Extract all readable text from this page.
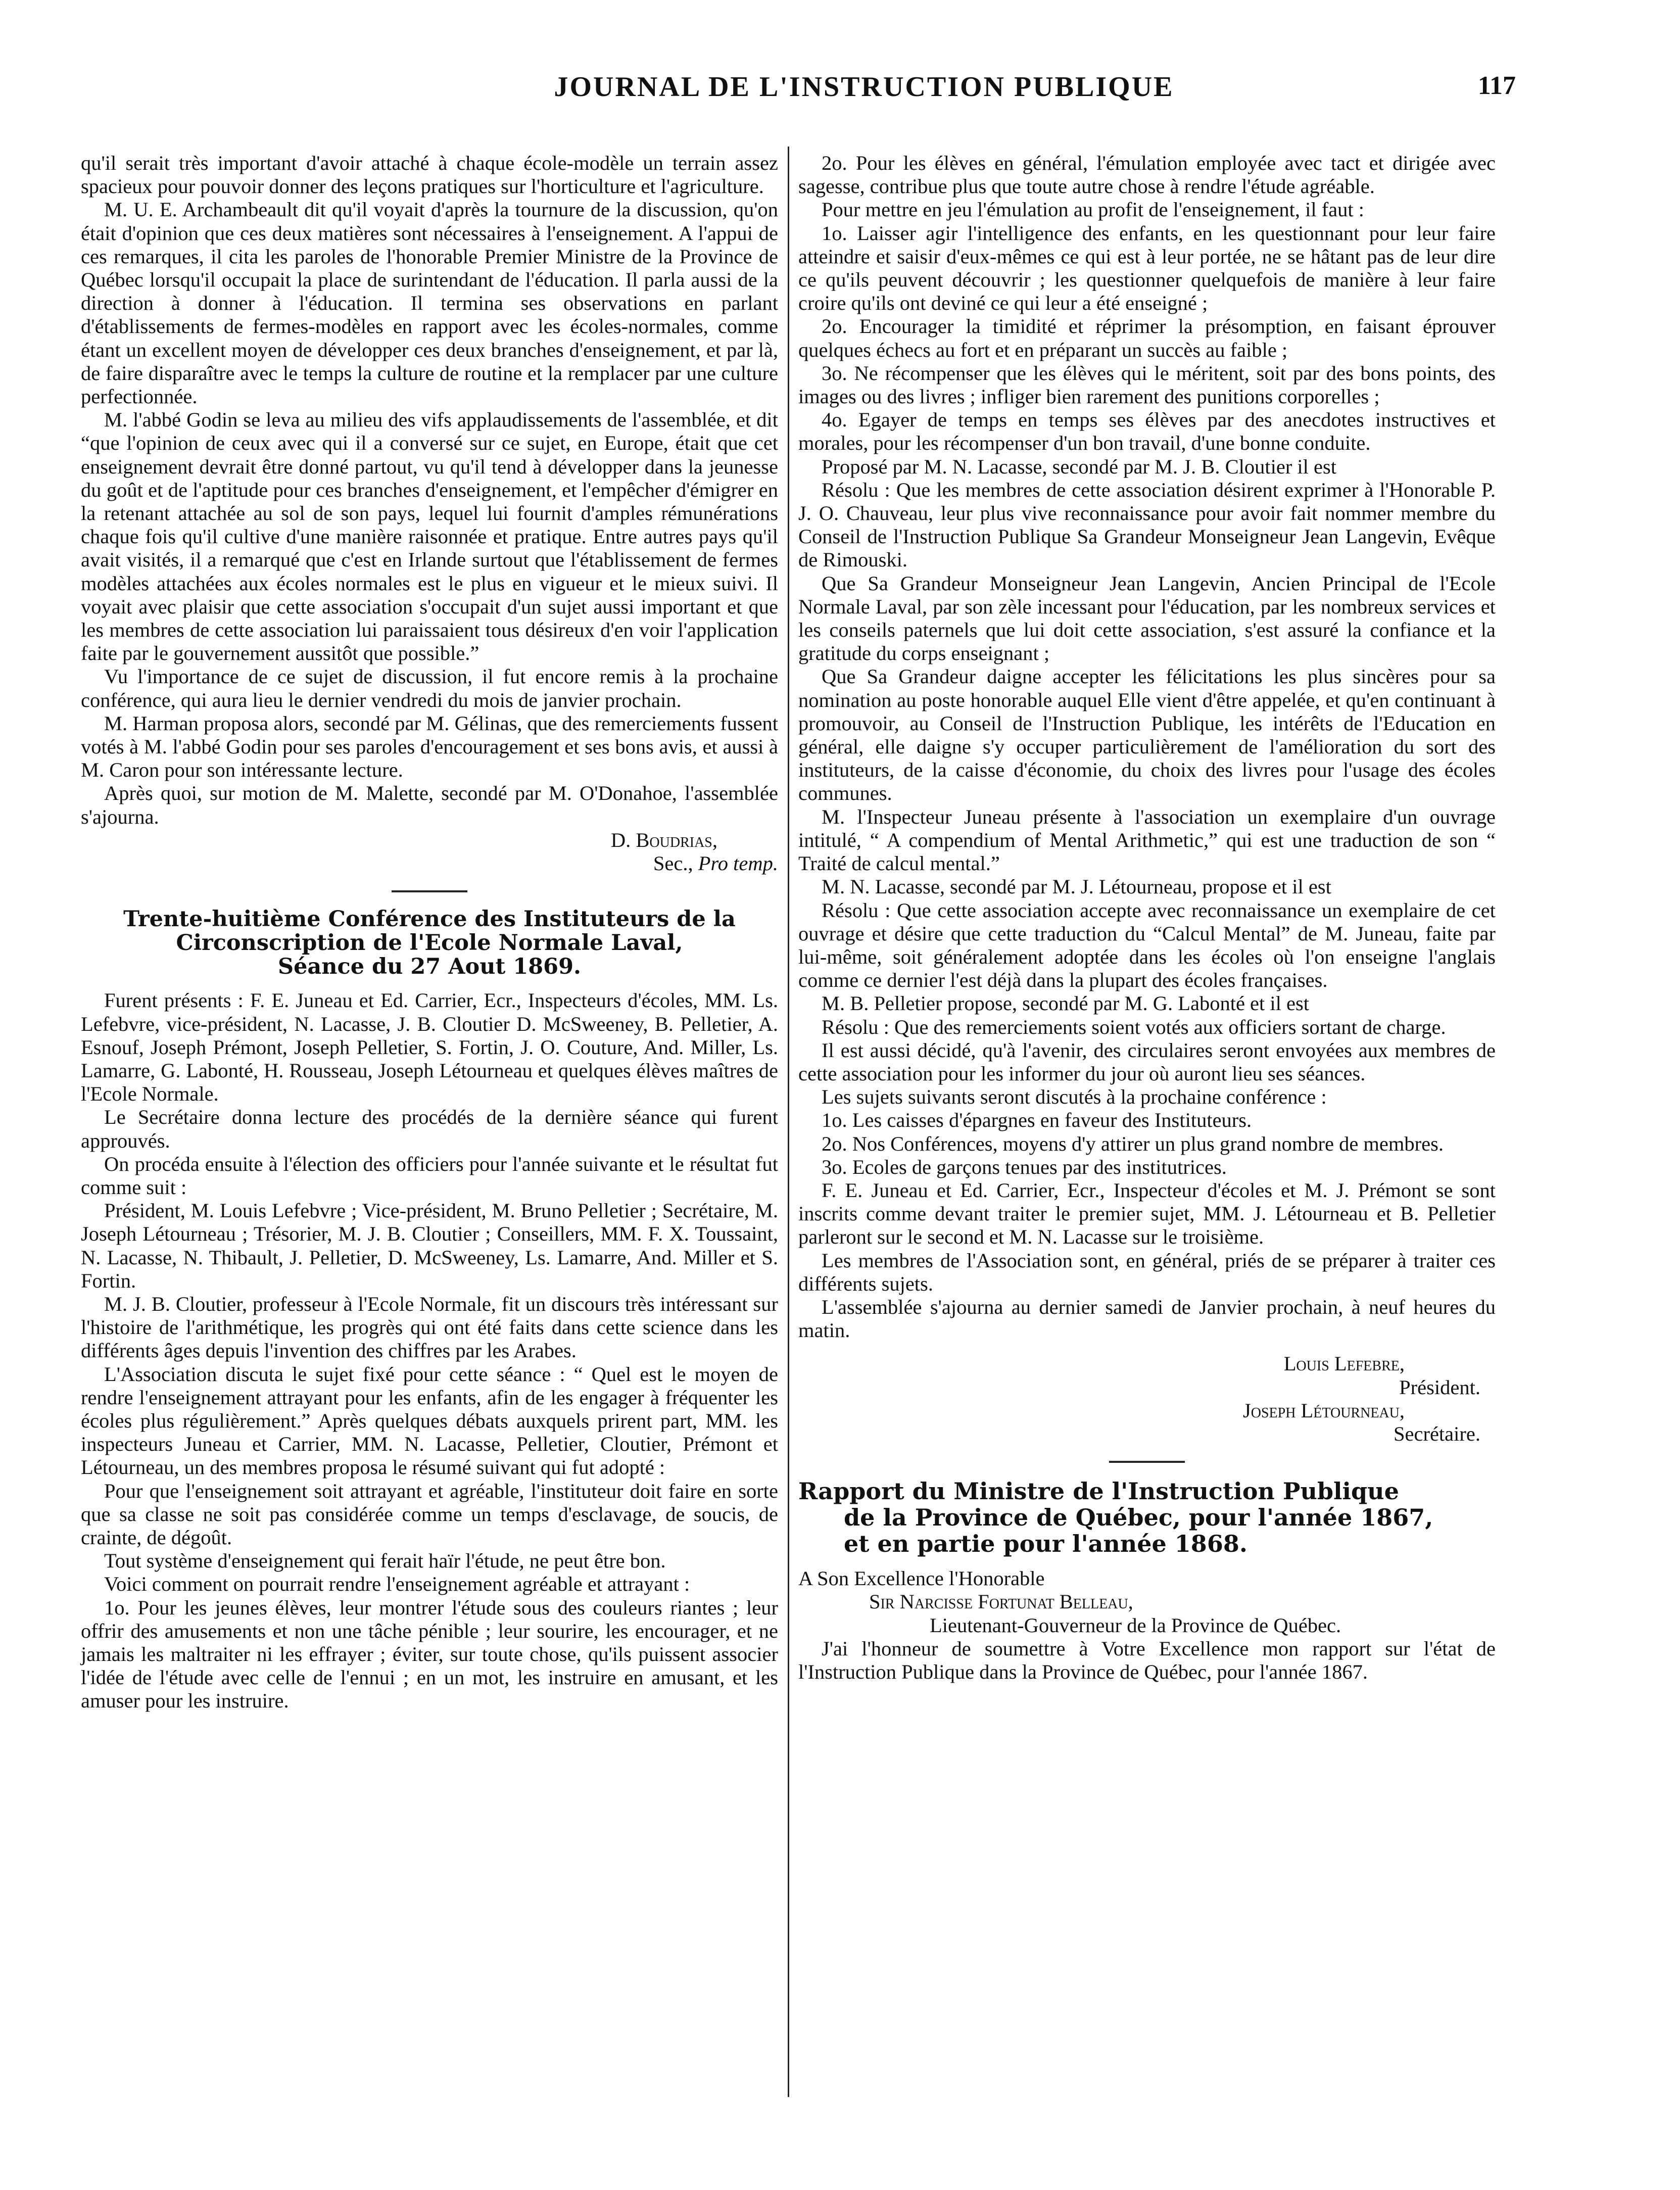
JOURNAL DE L'INSTRUCTION PUBLIQUE	117

qu'il serait très important d'avoir attaché à chaque école-modèle un terrain assez spacieux pour pouvoir donner des leçons pratiques sur l'horticulture et l'agriculture.

M. U. E. Archambeault dit qu'il voyait d'après la tournure de la discussion, qu'on était d'opinion que ces deux matières sont nécessaires à l'enseignement. A l'appui de ces remarques, il cita les paroles de l'honorable Premier Ministre de la Province de Québec lorsqu'il occupait la place de surintendant de l'éducation. Il parla aussi de la direction à donner à l'éducation. Il termina ses observations en parlant d'établissements de fermes-modèles en rapport avec les écoles-normales, comme étant un excellent moyen de développer ces deux branches d'enseignement, et par là, de faire disparaître avec le temps la culture de routine et la remplacer par une culture perfectionnée.

M. l'abbé Godin se leva au milieu des vifs applaudissements de l'assemblée, et dit “que l'opinion de ceux avec qui il a conversé sur ce sujet, en Europe, était que cet enseignement devrait être donné partout, vu qu'il tend à développer dans la jeunesse du goût et de l'aptitude pour ces branches d'enseignement, et l'empêcher d'émigrer en la retenant attachée au sol de son pays, lequel lui fournit d'amples rémunérations chaque fois qu'il cultive d'une manière raisonnée et pratique. Entre autres pays qu'il avait visités, il a remarqué que c'est en Irlande surtout que l'établissement de fermes modèles attachées aux écoles normales est le plus en vigueur et le mieux suivi. Il voyait avec plaisir que cette association s'occupait d'un sujet aussi important et que les membres de cette association lui paraissaient tous désireux d'en voir l'application faite par le gouvernement aussitôt que possible.”

Vu l'importance de ce sujet de discussion, il fut encore remis à la prochaine conférence, qui aura lieu le dernier vendredi du mois de janvier prochain.

M. Harman proposa alors, secondé par M. Gélinas, que des remerciements fussent votés à M. l'abbé Godin pour ses paroles d'encouragement et ses bons avis, et aussi à M. Caron pour son intéressante lecture.

Après quoi, sur motion de M. Malette, secondé par M. O'Donahoe, l'assemblée s'ajourna.

D. Boudrias,

Sec., Pro temp.

Trente-huitième Conférence des Instituteurs de la Circonscription de l'Ecole Normale Laval,
Séance du 27 Aout 1869.

Furent présents : F. E. Juneau et Ed. Carrier, Ecr., Inspecteurs d'écoles, MM. Ls. Lefebvre, vice-président, N. Lacasse, J. B. Cloutier D. McSweeney, B. Pelletier, A. Esnouf, Joseph Prémont, Joseph Pelletier, S. Fortin, J. O. Couture, And. Miller, Ls. Lamarre, G. Labonté, H. Rousseau, Joseph Létourneau et quelques élèves maîtres de l'Ecole Normale.

Le Secrétaire donna lecture des procédés de la dernière séance qui furent approuvés.

On procéda ensuite à l'élection des officiers pour l'année suivante et le résultat fut comme suit :

Président, M. Louis Lefebvre ; Vice-président, M. Bruno Pelletier ; Secrétaire, M. Joseph Létourneau ; Trésorier, M. J. B. Cloutier ; Conseillers, MM. F. X. Toussaint, N. Lacasse, N. Thibault, J. Pelletier, D. McSweeney, Ls. Lamarre, And. Miller et S. Fortin.

M. J. B. Cloutier, professeur à l'Ecole Normale, fit un discours très intéressant sur l'histoire de l'arithmétique, les progrès qui ont été faits dans cette science dans les différents âges depuis l'invention des chiffres par les Arabes.

L'Association discuta le sujet fixé pour cette séance : “ Quel est le moyen de rendre l'enseignement attrayant pour les enfants, afin de les engager à fréquenter les écoles plus régulièrement.” Après quelques débats auxquels prirent part, MM. les inspecteurs Juneau et Carrier, MM. N. Lacasse, Pelletier, Cloutier, Prémont et Létourneau, un des membres proposa le résumé suivant qui fut adopté :

Pour que l'enseignement soit attrayant et agréable, l'instituteur doit faire en sorte que sa classe ne soit pas considérée comme un temps d'esclavage, de soucis, de crainte, de dégoût.

Tout système d'enseignement qui ferait haïr l'étude, ne peut être bon.

Voici comment on pourrait rendre l'enseignement agréable et attrayant :

1o. Pour les jeunes élèves, leur montrer l'étude sous des couleurs riantes ; leur offrir des amusements et non une tâche pénible ; leur sourire, les encourager, et ne jamais les maltraiter ni les effrayer ; éviter, sur toute chose, qu'ils puissent associer l'idée de l'étude avec celle de l'ennui ; en un mot, les instruire en amusant, et les amuser pour les instruire.

2o. Pour les élèves en général, l'émulation employée avec tact et dirigée avec sagesse, contribue plus que toute autre chose à rendre l'étude agréable.

Pour mettre en jeu l'émulation au profit de l'enseignement, il faut :

1o. Laisser agir l'intelligence des enfants, en les questionnant pour leur faire atteindre et saisir d'eux-mêmes ce qui est à leur portée, ne se hâtant pas de leur dire ce qu'ils peuvent découvrir ; les questionner quelquefois de manière à leur faire croire qu'ils ont deviné ce qui leur a été enseigné ;

2o. Encourager la timidité et réprimer la présomption, en faisant éprouver quelques échecs au fort et en préparant un succès au faible ;

3o. Ne récompenser que les élèves qui le méritent, soit par des bons points, des images ou des livres ; infliger bien rarement des punitions corporelles ;

4o. Egayer de temps en temps ses élèves par des anecdotes instructives et morales, pour les récompenser d'un bon travail, d'une bonne conduite.

Proposé par M. N. Lacasse, secondé par M. J. B. Cloutier il est

Résolu : Que les membres de cette association désirent exprimer à l'Honorable P. J. O. Chauveau, leur plus vive reconnaissance pour avoir fait nommer membre du Conseil de l'Instruction Publique Sa Grandeur Monseigneur Jean Langevin, Evêque de Rimouski.

Que Sa Grandeur Monseigneur Jean Langevin, Ancien Principal de l'Ecole Normale Laval, par son zèle incessant pour l'éducation, par les nombreux services et les conseils paternels que lui doit cette association, s'est assuré la confiance et la gratitude du corps enseignant ;

Que Sa Grandeur daigne accepter les félicitations les plus sincères pour sa nomination au poste honorable auquel Elle vient d'être appelée, et qu'en continuant à promouvoir, au Conseil de l'Instruction Publique, les intérêts de l'Education en général, elle daigne s'y occuper particulièrement de l'amélioration du sort des instituteurs, de la caisse d'économie, du choix des livres pour l'usage des écoles communes.

M. l'Inspecteur Juneau présente à l'association un exemplaire d'un ouvrage intitulé, “ A compendium of Mental Arithmetic,” qui est une traduction de son “ Traité de calcul mental.”

M. N. Lacasse, secondé par M. J. Létourneau, propose et il est

Résolu : Que cette association accepte avec reconnaissance un exemplaire de cet ouvrage et désire que cette traduction du “Calcul Mental” de M. Juneau, faite par lui-même, soit généralement adoptée dans les écoles où l'on enseigne l'anglais comme ce dernier l'est déjà dans la plupart des écoles françaises.

M. B. Pelletier propose, secondé par M. G. Labonté et il est

Résolu : Que des remerciements soient votés aux officiers sortant de charge.

Il est aussi décidé, qu'à l'avenir, des circulaires seront envoyées aux membres de cette association pour les informer du jour où auront lieu ses séances.

Les sujets suivants seront discutés à la prochaine conférence :

1o. Les caisses d'épargnes en faveur des Instituteurs.

2o. Nos Conférences, moyens d'y attirer un plus grand nombre de membres.

3o. Ecoles de garçons tenues par des institutrices.

F. E. Juneau et Ed. Carrier, Ecr., Inspecteur d'écoles et M. J. Prémont se sont inscrits comme devant traiter le premier sujet, MM. J. Létourneau et B. Pelletier parleront sur le second et M. N. Lacasse sur le troisième.

Les membres de l'Association sont, en général, priés de se préparer à traiter ces différents sujets.

L'assemblée s'ajourna au dernier samedi de Janvier prochain, à neuf heures du matin.

Louis Lefebre,

Président.

Joseph Létourneau,

Secrétaire.

Rapport du Ministre de l'Instruction Publique
de la Province de Québec, pour l'année 1867,
et en partie pour l'année 1868.

A Son Excellence l'Honorable

Sir Narcisse Fortunat Belleau,

Lieutenant-Gouverneur de la Province de Québec.

J'ai l'honneur de soumettre à Votre Excellence mon rapport sur l'état de l'Instruction Publique dans la Province de Québec, pour l'année 1867.
